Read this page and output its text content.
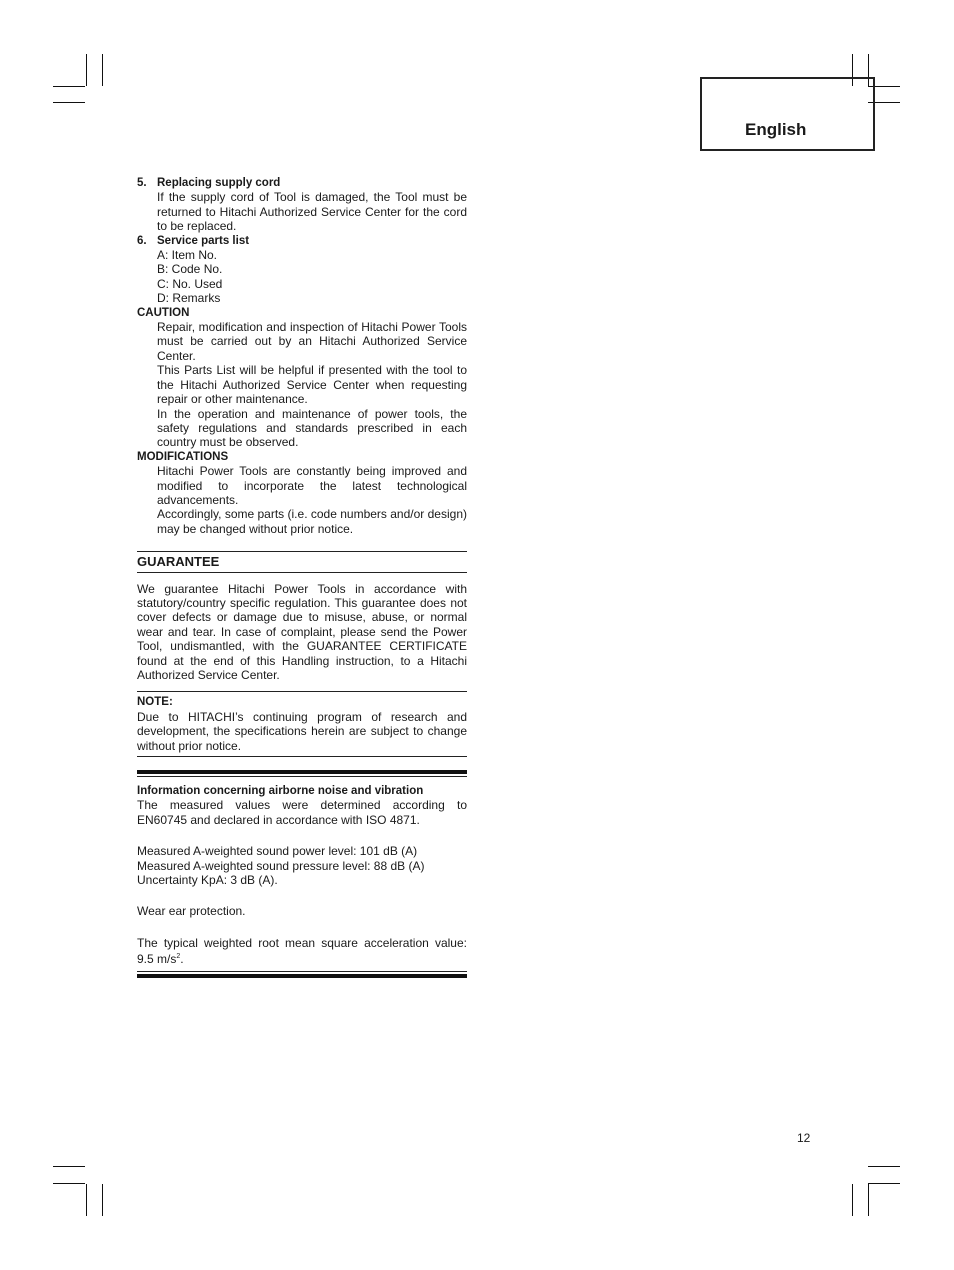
English
5. Replacing supply cord
If the supply cord of Tool is damaged, the Tool must be returned to Hitachi Authorized Service Center for the cord to be replaced.
6. Service parts list
A: Item No.
B: Code No.
C: No. Used
D: Remarks
CAUTION
Repair, modification and inspection of Hitachi Power Tools must be carried out by an Hitachi Authorized Service Center.
This Parts List will be helpful if presented with the tool to the Hitachi Authorized Service Center when requesting repair or other maintenance.
In the operation and maintenance of power tools, the safety regulations and standards prescribed in each country must be observed.
MODIFICATIONS
Hitachi Power Tools are constantly being improved and modified to incorporate the latest technological advancements.
Accordingly, some parts (i.e. code numbers and/or design) may be changed without prior notice.
GUARANTEE
We guarantee Hitachi Power Tools in accordance with statutory/country specific regulation. This guarantee does not cover defects or damage due to misuse, abuse, or normal wear and tear. In case of complaint, please send the Power Tool, undismantled, with the GUARANTEE CERTIFICATE found at the end of this Handling instruction, to a Hitachi Authorized Service Center.
NOTE:
Due to HITACHI’s continuing program of research and development, the specifications herein are subject to change without prior notice.
Information concerning airborne noise and vibration
The measured values were determined according to EN60745 and declared in accordance with ISO 4871.
Measured A-weighted sound power level: 101 dB (A)
Measured A-weighted sound pressure level: 88 dB (A)
Uncertainty KpA: 3 dB (A).
Wear ear protection.
The typical weighted root mean square acceleration value: 9.5 $m/s^2$.
12
